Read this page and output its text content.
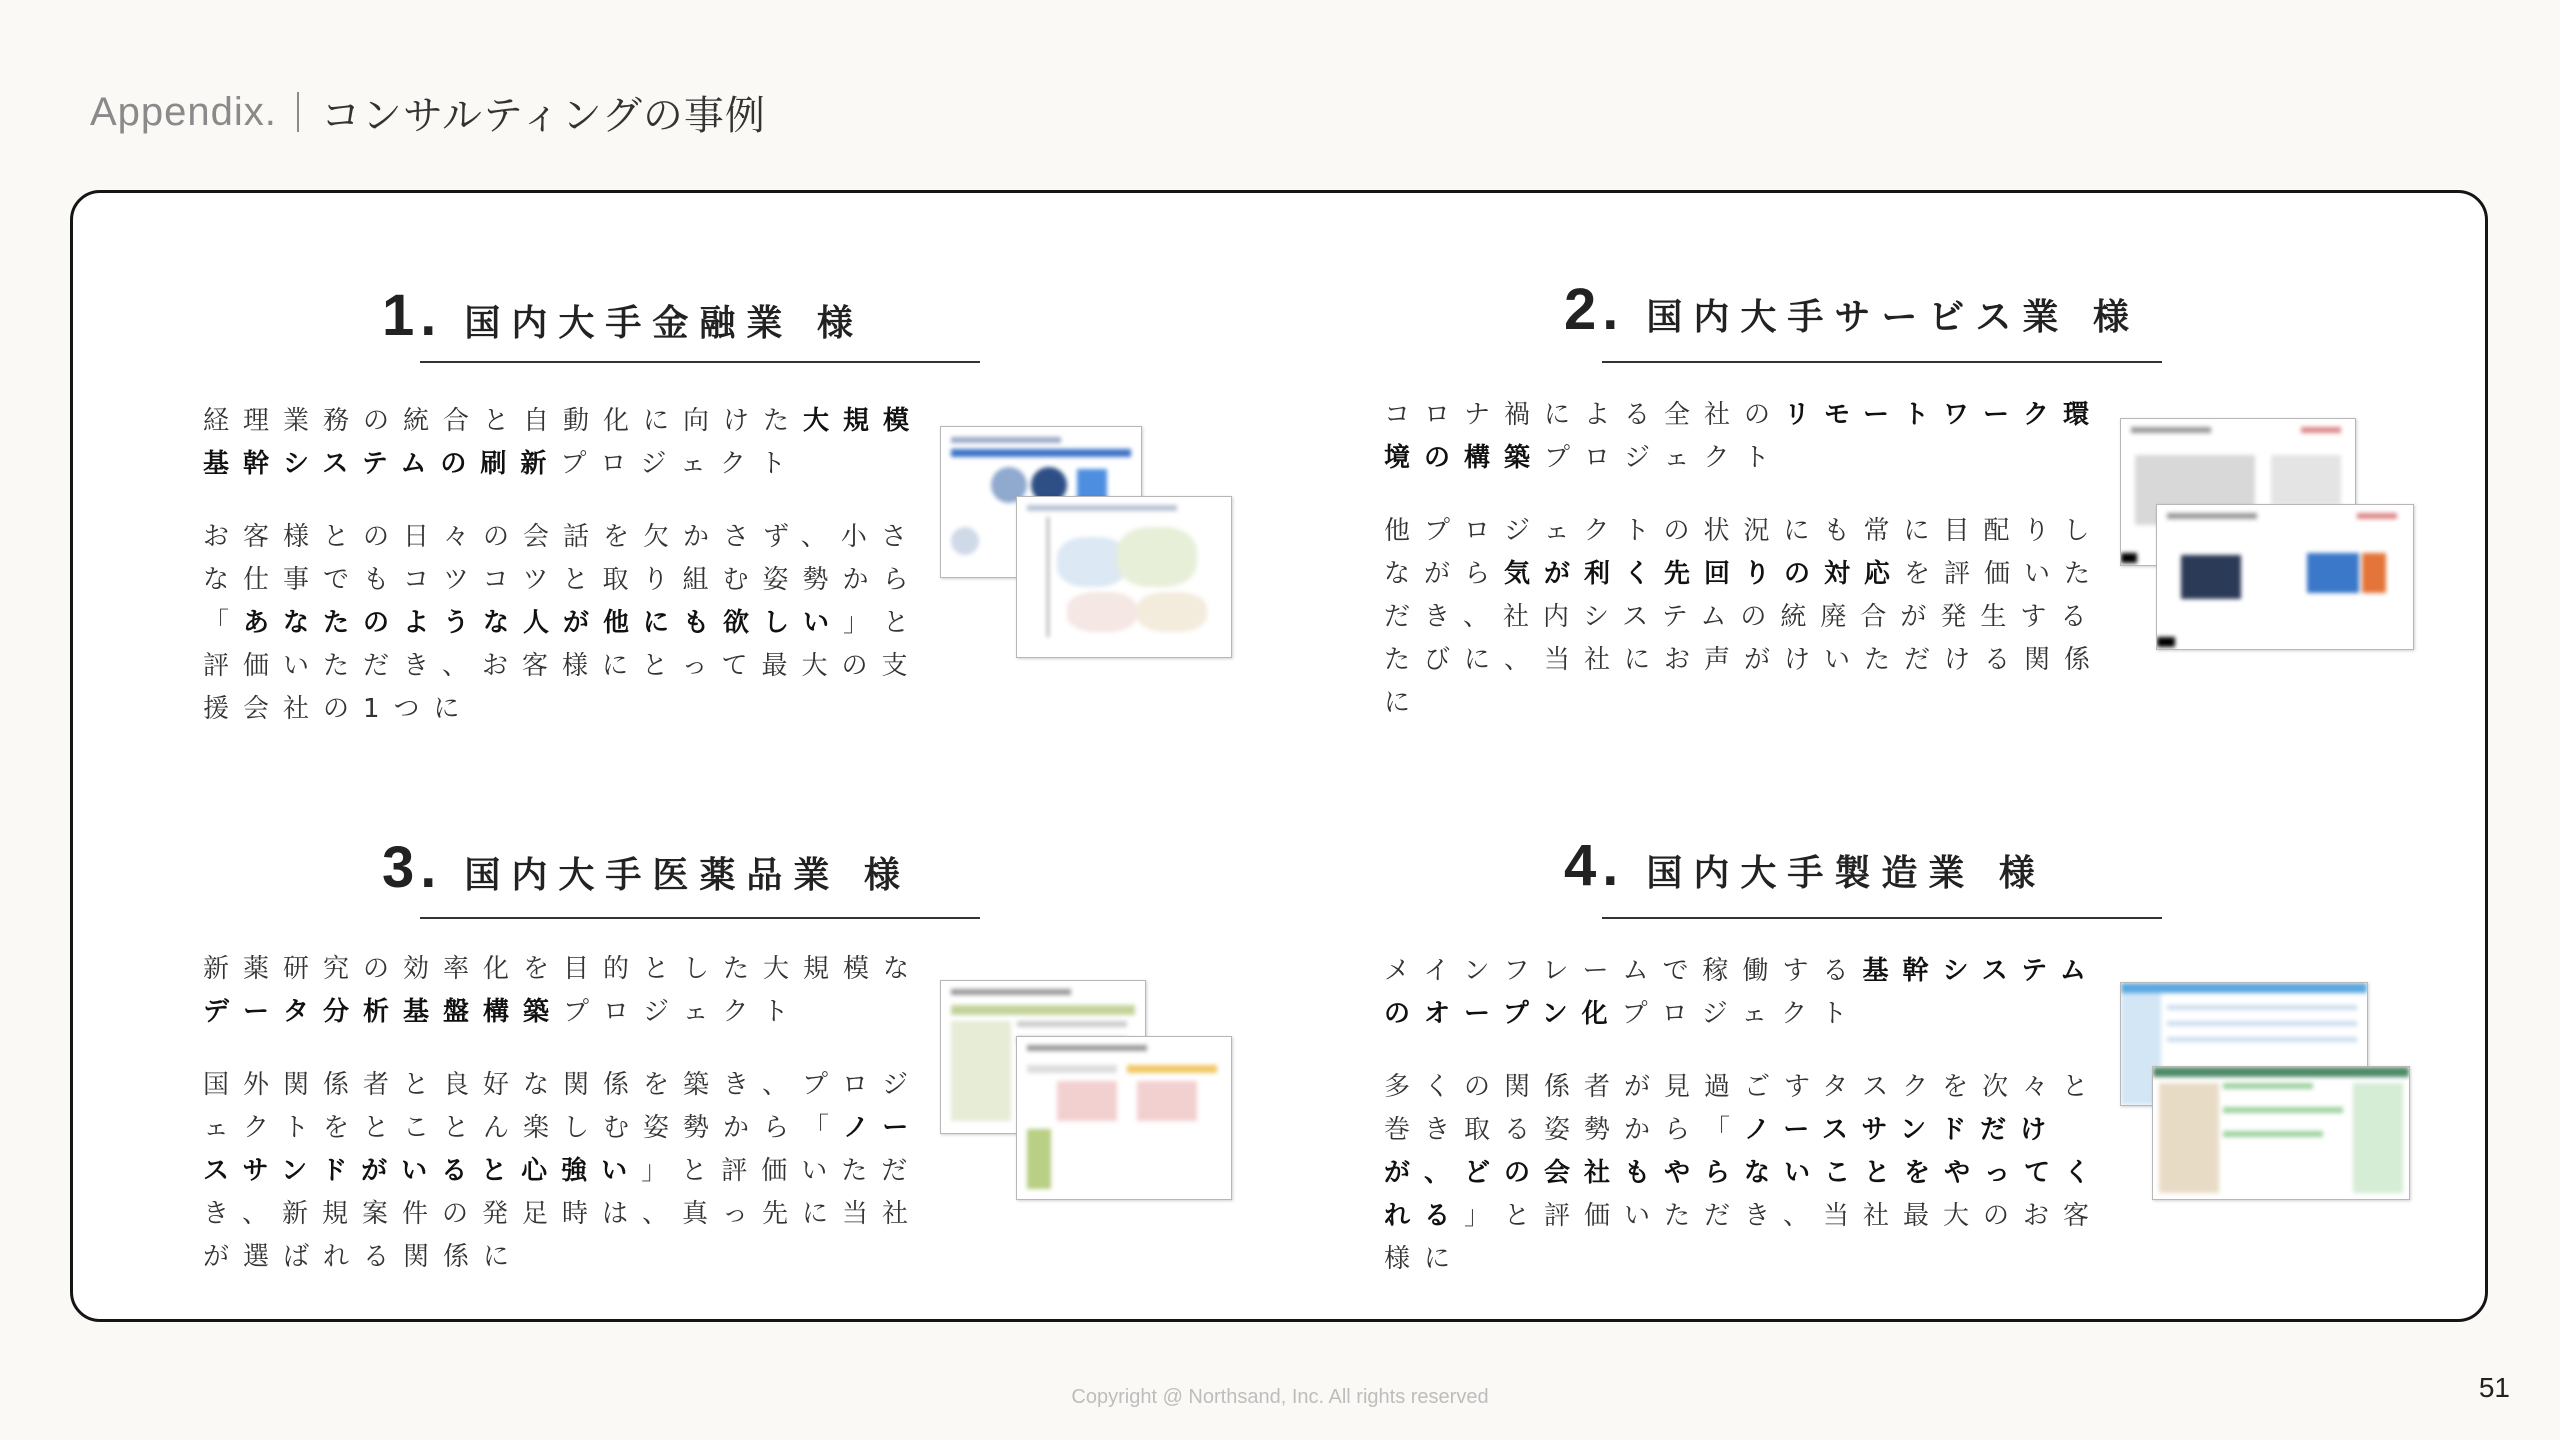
Appendix. コンサルティングの事例
1. 国内大手金融業 様

経理業務の統合と自動化に向けた大規模基幹システムの刷新プロジェクト

お客様との日々の会話を欠かさず、小さな仕事でもコツコツと取り組む姿勢から「あなたのような人が他にも欲しい」と評価いただき、お客様にとって最大の支援会社の1つに

2. 国内大手サービス業 様

コロナ禍による全社のリモートワーク環境の構築プロジェクト

他プロジェクトの状況にも常に目配りしながら気が利く先回りの対応を評価いただき、社内システムの統廃合が発生するたびに、当社にお声がけいただける関係に

3. 国内大手医薬品業 様

新薬研究の効率化を目的とした大規模なデータ分析基盤構築プロジェクト

国外関係者と良好な関係を築き、プロジェクトをとことん楽しむ姿勢から「ノースサンドがいると心強い」と評価いただき、新規案件の発足時は、真っ先に当社が選ばれる関係に

4. 国内大手製造業 様

メインフレームで稼働する基幹システムのオープン化プロジェクト

多くの関係者が見過ごすタスクを次々と巻き取る姿勢から「ノースサンドだけが、どの会社もやらないことをやってくれる」と評価いただき、当社最大のお客様に

Copyright @ Northsand, Inc. All rights reserved	51
